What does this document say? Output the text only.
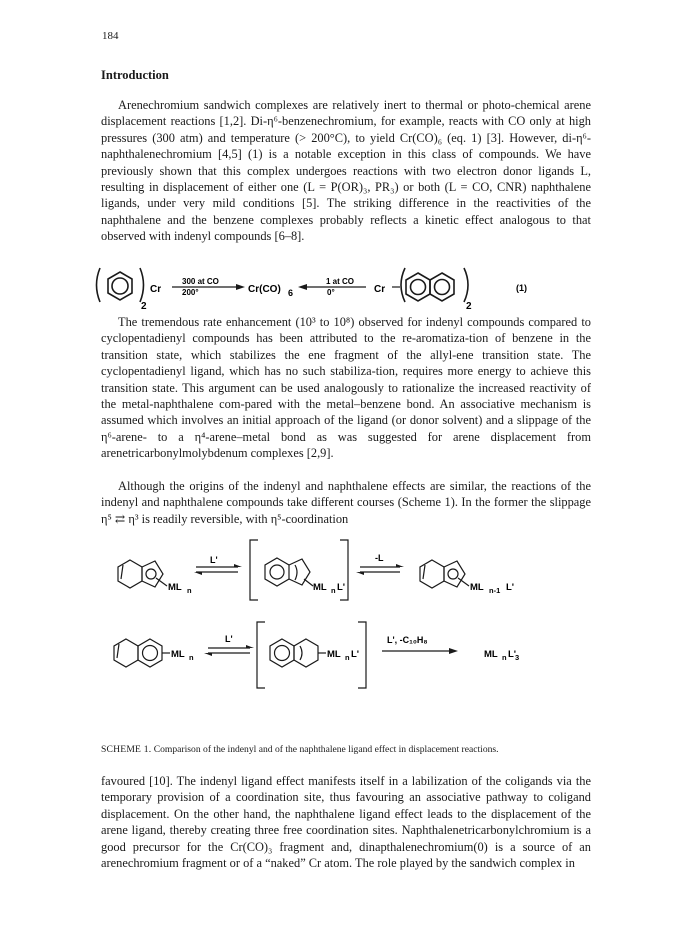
184
Introduction

Arenechromium sandwich complexes are relatively inert to thermal or photo-chemical arene displacement reactions [1,2]. Di-η⁶-benzenechromium, for example, reacts with CO only at high pressures (300 atm) and temperature (> 200°C), to yield Cr(CO)₆ (eq. 1) [3]. However, di-η⁶-naphthalenechromium [4,5] (1) is a notable exception in this class of compounds. We have previously shown that this complex undergoes reactions with two electron donor ligands L, resulting in displacement of either one (L = P(OR)₃, PR₃) or both (L = CO, CNR) naphthalene ligands, under very mild conditions [5]. The striking difference in the reactivities of the naphthalene and the benzene complexes probably reflects a kinetic effect analogous to that observed with indenyl compounds [6–8].

Cr
2
300 at CO
200°	Cr(CO) 6
1 at CO
0°	Cr
2
(1)

The tremendous rate enhancement (10³ to 10⁸) observed for indenyl compounds compared to cyclopentadienyl compounds has been attributed to the re-aromatiza-tion of benzene in the transition state, which stabilizes the ene fragment of the allyl-ene transition state. The cyclopentadienyl ligand, which has no such stabiliza-tion, requires more energy to achieve this transition state. This argument can be used analogously to rationalize the increased reactivity of the metal-naphthalene com-pared with the metal–benzene bond. An associative mechanism is assumed which involves an initial approach of the ligand (or donor solvent) and a slippage of the η⁶-arene- to a η⁴-arene–metal bond as was suggested for arene displacement from arenetricarbonylmolybdenum complexes [2,9].

Although the origins of the indenyl and naphthalene effects are similar, the reactions of the indenyl and naphthalene compounds take different courses (Scheme 1). In the former the slippage η⁵ ⇄ η³ is readily reversible, with η⁵-coordination

ML n
L'
ML n L'
-L
ML n-1 L'
ML n
L'
ML n L'
L', -C₁₀H₈
ML n L'
3
SCHEME 1. Comparison of the indenyl and of the naphthalene ligand effect in displacement reactions.

favoured [10]. The indenyl ligand effect manifests itself in a labilization of the coligands via the temporary provision of a coordination site, thus favouring an associative pathway to coligand displacement. On the other hand, the naphthalene ligand effect leads to the displacement of the arene ligand, thereby creating three free coordination sites. Naphthalenetricarbonylchromium is a good precursor for the Cr(CO)₃ fragment and, dinapthalenechromium(0) is a source of an arenechromium fragment or of a “naked” Cr atom. The role played by the sandwich complex in
